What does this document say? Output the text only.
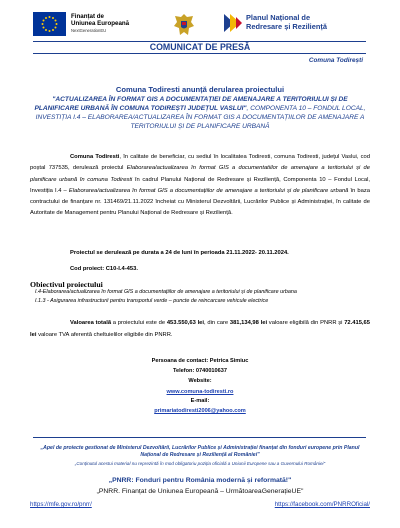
Finanțat de
Uniunea Europeană
NextGenerationEU
Planul Național de
Redresare și Reziliență
COMUNICAT DE PRESĂ
Comuna Todirești
Comuna Todiresti anunță derularea proiectului
"ACTUALIZAREA ÎN FORMAT GIS A DOCUMENTAȚIEI DE AMENAJARE A TERITORIULUI ȘI DE PLANIFICARE URBANĂ ÎN COMUNA TODIREȘTI JUDEȚUL VASLUI", COMPONENTA 10 – FONDUL LOCAL, INVESTIȚIA I.4 – ELABORAREA/ACTUALIZAREA ÎN FORMAT GIS A DOCUMENTAȚIILOR DE AMENAJARE A TERITORIULUI ȘI DE PLANIFICARE URBANĂ
Comuna Todiresti, în calitate de beneficiar, cu sediul în localitatea Todiresti, comuna Todiresti, județul Vaslui, cod poștal 737535, derulează proiectul Elaborarea/actualizarea în format GIS a documentatiilor de amenajare a teritoriului și de planificare urbană în comuna Todiresti în cadrul Planului Național de Redresare și Reziliență, Componenta 10 – Fondul Local, Investiția I.4 – Elaborarea/actualizarea în format GIS a documentațiilor de amenajare a teritoriului și de planificare urbană în baza contractului de finanțare nr. 131469/21.11.2022 încheiat cu Ministerul Dezvoltării, Lucrărilor Publice și Administrației, în calitate de Autoritate de Management pentru Planului Național de Redresare și Reziliență.
Proiectul se derulează pe durata a 24 de luni în perioada 21.11.2022- 20.11.2024.
Cod proiect: C10-I.4-453.
Obiectivul proiectului
I.4-Elaborarea/actualizarea în format GIS a documentațiilor de amenajare a teritoriului și de planificare urbana
I.1.3 - Asigurarea infrastructurii pentru transportul verde – puncte de reincarcare vehicule electrice
Valoarea totală a proiectului este de 453.550,63 lei, din care 381,134,98 lei valoare eligibilă din PNRR și 72.415,65 lei valoare TVA aferentă cheltuielilor eligibile din PNRR.
Persoana de contact: Petrica Simiuc
Telefon: 0740010637
Website:
www.comuna-todiresti.ro
E-mail:
primariatodiresti2006@yahoo.com
„Apel de proiecte gestionat de Ministerul Dezvoltării, Lucrărilor Publice și Administrației finanțat din fonduri europene prin Planul Național de Redresare și Reziliență al României"
„Conținutul acestui material nu reprezintă în mod obligatoriu poziția oficială a Uniunii Europene sau a Guvernului României"
„PNRR: Fonduri pentru România modernă și reformată!"
„PNRR. Finanțat de Uniunea Europeană – UrmătoareaGenerațieUE"
https://mfe.gov.ro/pnrr/	https://facebook.com/PNRROficial/
